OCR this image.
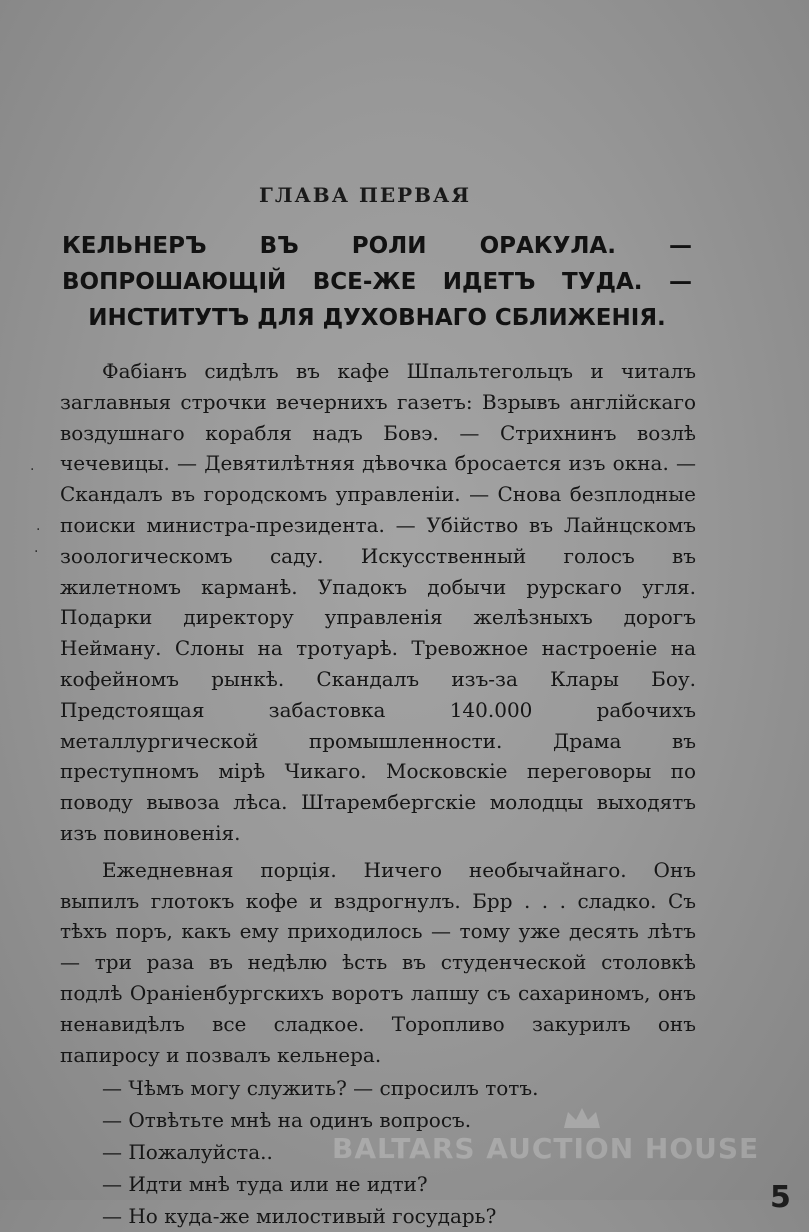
ГЛАВА ПЕРВАЯ

КЕЛЬНЕРЪ ВЪ РОЛИ ОРАКУЛА. — ВОПРОШАЮЩІЙ ВСЕ-ЖЕ ИДЕТЪ ТУДА. — ИНСТИТУТЪ ДЛЯ ДУХОВНАГО СБЛИЖЕНІЯ.

Фабіанъ сидѣлъ въ кафе Шпальтегольцъ и читалъ заглавныя строчки вечернихъ газетъ: Взрывъ англійскаго воздушнаго корабля надъ Бовэ. — Стрихнинъ возлѣ чечевицы. — Девятилѣтняя дѣвочка бросается изъ окна. — Скандалъ въ городскомъ управленіи. — Снова безплодные поиски министра-президента. — Убійство въ Лайнцскомъ зоологическомъ саду. Искусственный голосъ въ жилетномъ карманѣ. Упадокъ добычи рурскаго угля. Подарки директору управленія желѣзныхъ дорогъ Нейману. Слоны на тротуарѣ. Тревожное настроеніе на кофейномъ рынкѣ. Скандалъ изъ-за Клары Боу. Предстоящая забастовка 140.000 рабочихъ металлургической промышленности. Драма въ преступномъ мірѣ Чикаго. Московскіе переговоры по поводу вывоза лѣса. Штарембергскіе молодцы выходятъ изъ повиновенія.

Ежедневная порція. Ничего необычайнаго. Онъ выпилъ глотокъ кофе и вздрогнулъ. Брр . . . сладко. Съ тѣхъ поръ, какъ ему приходилось — тому уже десять лѣтъ — три раза въ недѣлю ѣсть въ студенческой столовкѣ подлѣ Ораніенбургскихъ воротъ лапшу съ сахариномъ, онъ ненавидѣлъ все сладкое. Торопливо закурилъ онъ папиросу и позвалъ кельнера.

— Чѣмъ могу служить? — спросилъ тотъ.

— Отвѣтьте мнѣ на одинъ вопросъ.

— Пожалуйста..

— Идти мнѣ туда или не идти?

— Но куда-же милостивый государь?

·
·
·
BALTARS AUCTION HOUSE
5
